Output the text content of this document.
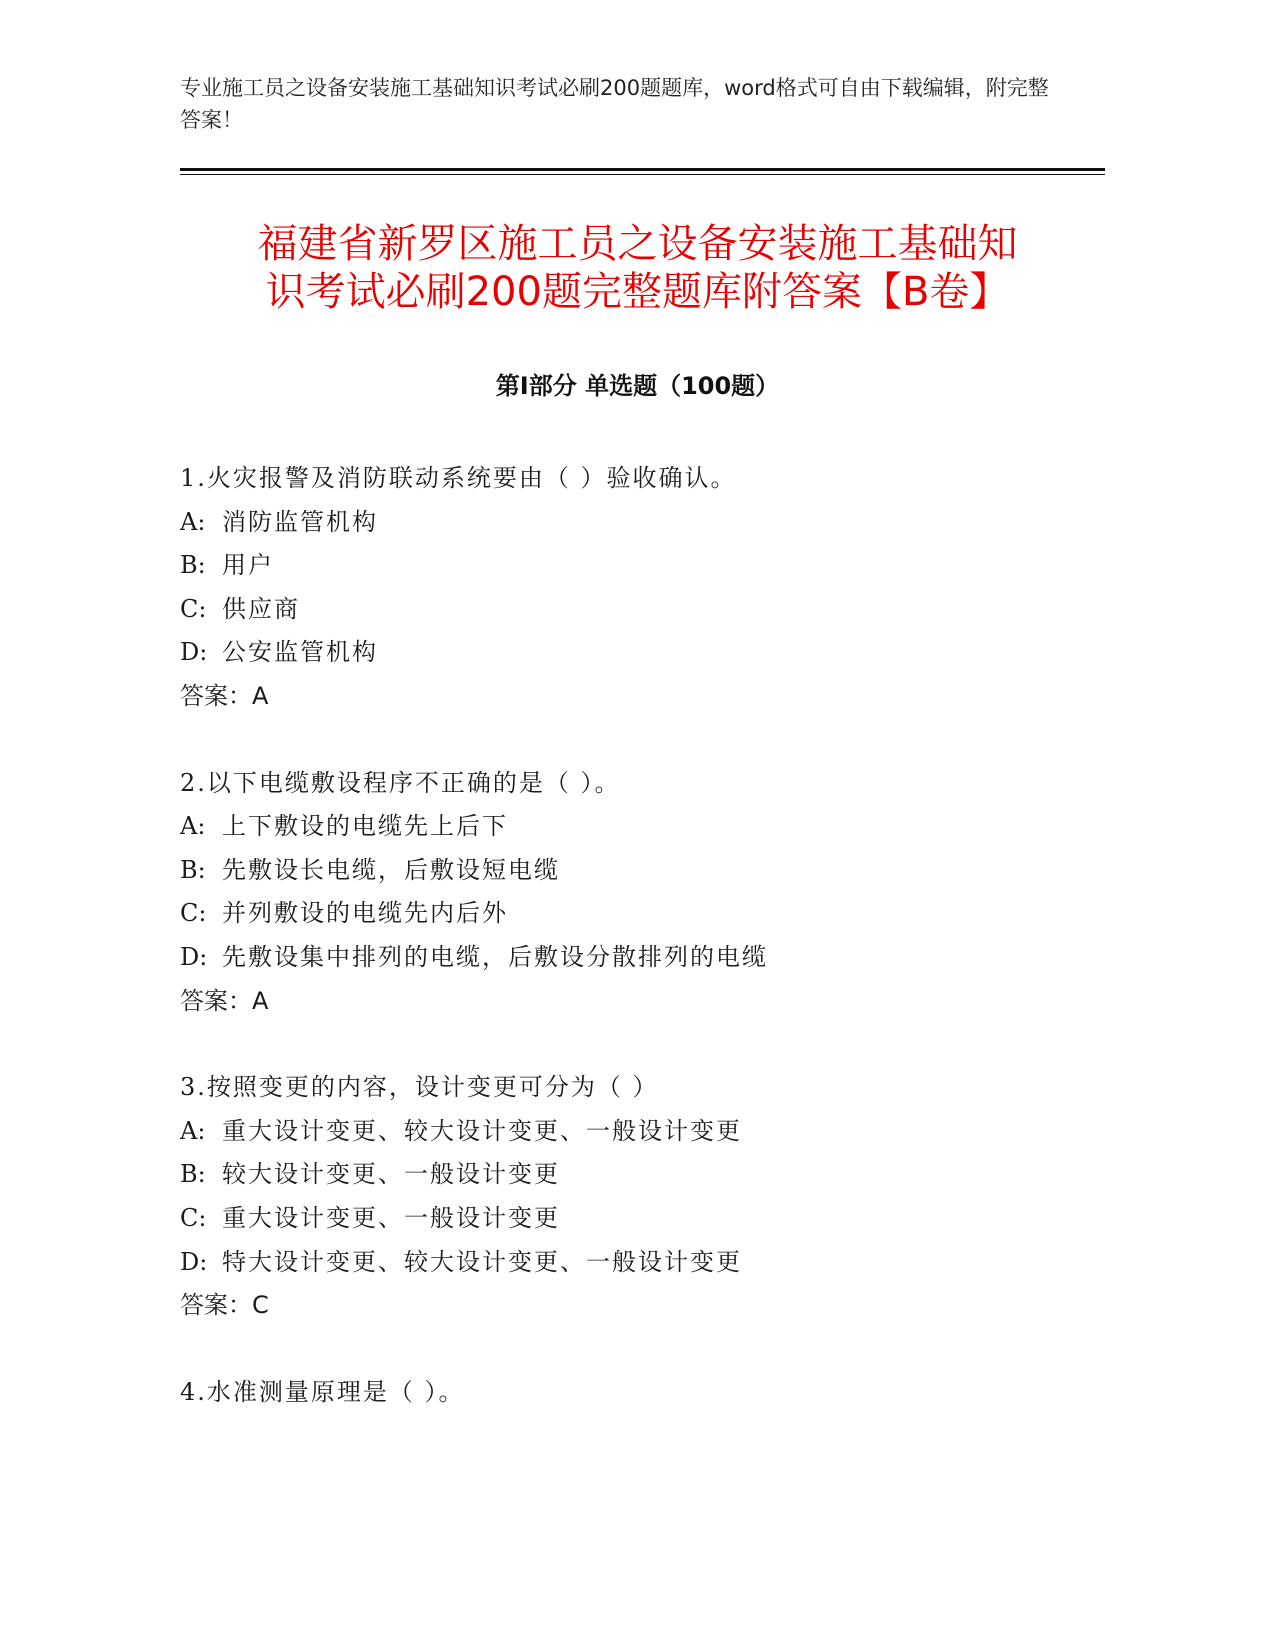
专业施工员之设备安装施工基础知识考试必刷200题题库，word格式可自由下载编辑，附完整答案！
福建省新罗区施工员之设备安装施工基础知
识考试必刷200题完整题库附答案【B卷】
第Ⅰ部分 单选题（100题）
1.火灾报警及消防联动系统要由（ ）验收确认。
A: 消防监管机构
B: 用户
C: 供应商
D: 公安监管机构
答案：A
2.以下电缆敷设程序不正确的是（ ）。
A: 上下敷设的电缆先上后下
B: 先敷设长电缆，后敷设短电缆
C: 并列敷设的电缆先内后外
D: 先敷设集中排列的电缆，后敷设分散排列的电缆
答案：A
3.按照变更的内容，设计变更可分为（ ）
A: 重大设计变更、较大设计变更、一般设计变更
B: 较大设计变更、一般设计变更
C: 重大设计变更、一般设计变更
D: 特大设计变更、较大设计变更、一般设计变更
答案：C
4.水准测量原理是（ ）。
